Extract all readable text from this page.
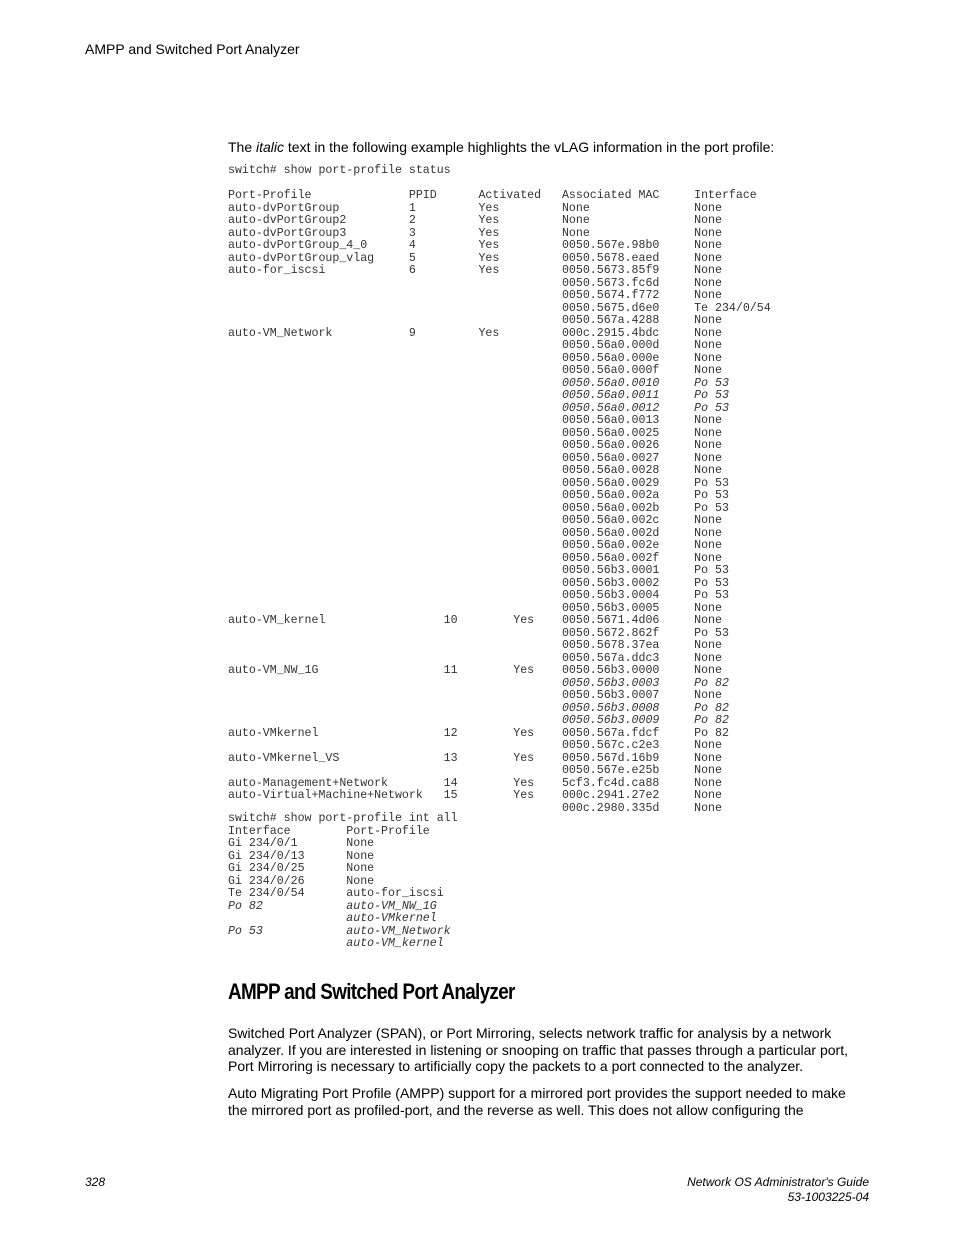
AMPP and Switched Port Analyzer

The italic text in the following example highlights the vLAG information in the port profile:

switch# show port-profile status
Port-Profile              PPID      Activated   Associated MAC     Interface
auto-dvPortGroup          1         Yes         None               None
auto-dvPortGroup2         2         Yes         None               None
auto-dvPortGroup3         3         Yes         None               None
auto-dvPortGroup_4_0      4         Yes         0050.567e.98b0     None
auto-dvPortGroup_vlag     5         Yes         0050.5678.eaed     None
auto-for_iscsi            6         Yes         0050.5673.85f9     None
0050.5673.fc6d     None
0050.5674.f772     None
0050.5675.d6e0     Te 234/0/54
0050.567a.4288     None
auto-VM_Network           9         Yes         000c.2915.4bdc     None
0050.56a0.000d     None
0050.56a0.000e     None
0050.56a0.000f     None
0050.56a0.0010     Po 53
0050.56a0.0011     Po 53
0050.56a0.0012     Po 53
0050.56a0.0013     None
0050.56a0.0025     None
0050.56a0.0026     None
0050.56a0.0027     None
0050.56a0.0028     None
0050.56a0.0029     Po 53
0050.56a0.002a     Po 53
0050.56a0.002b     Po 53
0050.56a0.002c     None
0050.56a0.002d     None
0050.56a0.002e     None
0050.56a0.002f     None
0050.56b3.0001     Po 53
0050.56b3.0002     Po 53
0050.56b3.0004     Po 53
0050.56b3.0005     None
auto-VM_kernel                 10        Yes    0050.5671.4d06     None
0050.5672.862f     Po 53
0050.5678.37ea     None
0050.567a.ddc3     None
auto-VM_NW_1G                  11        Yes    0050.56b3.0000     None
0050.56b3.0003     Po 82
0050.56b3.0007     None
0050.56b3.0008     Po 82
0050.56b3.0009     Po 82
auto-VMkernel                  12        Yes    0050.567a.fdcf     Po 82
0050.567c.c2e3     None
auto-VMkernel_VS               13        Yes    0050.567d.16b9     None
0050.567e.e25b     None
auto-Management+Network        14        Yes    5cf3.fc4d.ca88     None
auto-Virtual+Machine+Network   15        Yes    000c.2941.27e2     None
000c.2980.335d     None
switch# show port-profile int all
Interface        Port-Profile
Gi 234/0/1       None
Gi 234/0/13      None
Gi 234/0/25      None
Gi 234/0/26      None
Te 234/0/54      auto-for_iscsi
Po 82            auto-VM_NW_1G
auto-VMkernel
Po 53            auto-VM_Network
auto-VM_kernel
AMPP and Switched Port Analyzer

Switched Port Analyzer (SPAN), or Port Mirroring, selects network traffic for analysis by a network analyzer. If you are interested in listening or snooping on traffic that passes through a particular port, Port Mirroring is necessary to artificially copy the packets to a port connected to the analyzer.

Auto Migrating Port Profile (AMPP) support for a mirrored port provides the support needed to make the mirrored port as profiled-port, and the reverse as well. This does not allow configuring the

328	Network OS Administrator's Guide
53-1003225-04
